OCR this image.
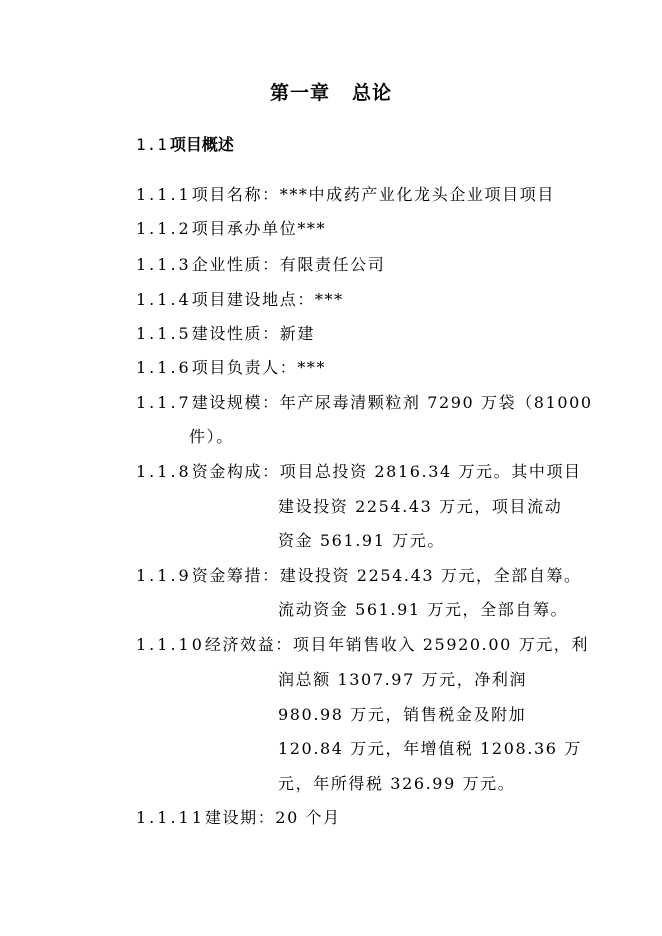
第一章 总论
1.1 项目概述
1.1.1项目名称：***中成药产业化龙头企业项目项目
1.1.2项目承办单位***
1.1.3企业性质：有限责任公司
1.1.4项目建设地点：***
1.1.5建设性质：新建
1.1.6项目负责人：***
1.1.7建设规模：年产尿毒清颗粒剂 7290 万袋（81000
件）。
1.1.8资金构成：项目总投资 2816.34 万元。其中项目
建设投资 2254.43 万元，项目流动
资金 561.91 万元。
1.1.9资金筹措：建设投资 2254.43 万元，全部自筹。
流动资金 561.91 万元，全部自筹。
1.1.10经济效益：项目年销售收入 25920.00 万元，利
润总额 1307.97 万元，净利润
980.98 万元，销售税金及附加
120.84 万元，年增值税 1208.36 万
元，年所得税 326.99 万元。
1.1.11建设期：20 个月
